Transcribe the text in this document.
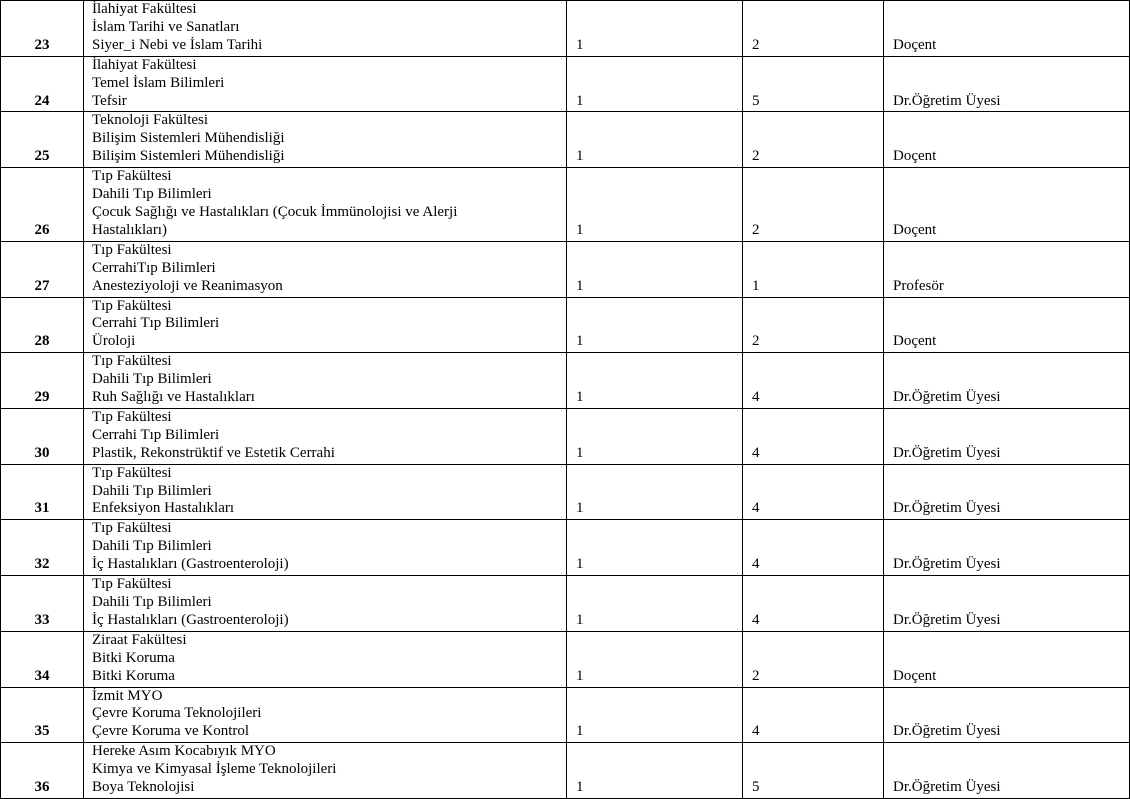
23	İlahiyat Fakültesi
İslam Tarihi ve Sanatları
Siyer_i Nebi ve İslam Tarihi	1	2	Doçent
24	İlahiyat Fakültesi
Temel İslam Bilimleri
Tefsir	1	5	Dr.Öğretim Üyesi
25	Teknoloji Fakültesi
Bilişim Sistemleri Mühendisliği
Bilişim Sistemleri Mühendisliği	1	2	Doçent
26	Tıp Fakültesi
Dahili Tıp Bilimleri
Çocuk Sağlığı ve Hastalıkları (Çocuk İmmünolojisi ve Alerji
Hastalıkları)	1	2	Doçent
27	Tıp Fakültesi
CerrahiTıp Bilimleri
Anesteziyoloji ve Reanimasyon	1	1	Profesör
28	Tıp Fakültesi
Cerrahi Tıp Bilimleri
Üroloji	1	2	Doçent
29	Tıp Fakültesi
Dahili Tıp Bilimleri
Ruh Sağlığı ve Hastalıkları	1	4	Dr.Öğretim Üyesi
30	Tıp Fakültesi
Cerrahi Tıp Bilimleri
Plastik, Rekonstrüktif ve Estetik Cerrahi	1	4	Dr.Öğretim Üyesi
31	Tıp Fakültesi
Dahili Tıp Bilimleri
Enfeksiyon Hastalıkları	1	4	Dr.Öğretim Üyesi
32	Tıp Fakültesi
Dahili Tıp Bilimleri
İç Hastalıkları (Gastroenteroloji)	1	4	Dr.Öğretim Üyesi
33	Tıp Fakültesi
Dahili Tıp Bilimleri
İç Hastalıkları (Gastroenteroloji)	1	4	Dr.Öğretim Üyesi
34	Ziraat Fakültesi
Bitki Koruma
Bitki Koruma	1	2	Doçent
35	İzmit MYO
Çevre Koruma Teknolojileri
Çevre Koruma ve Kontrol	1	4	Dr.Öğretim Üyesi
36	Hereke Asım Kocabıyık MYO
Kimya ve Kimyasal İşleme Teknolojileri
Boya Teknolojisi	1	5	Dr.Öğretim Üyesi
